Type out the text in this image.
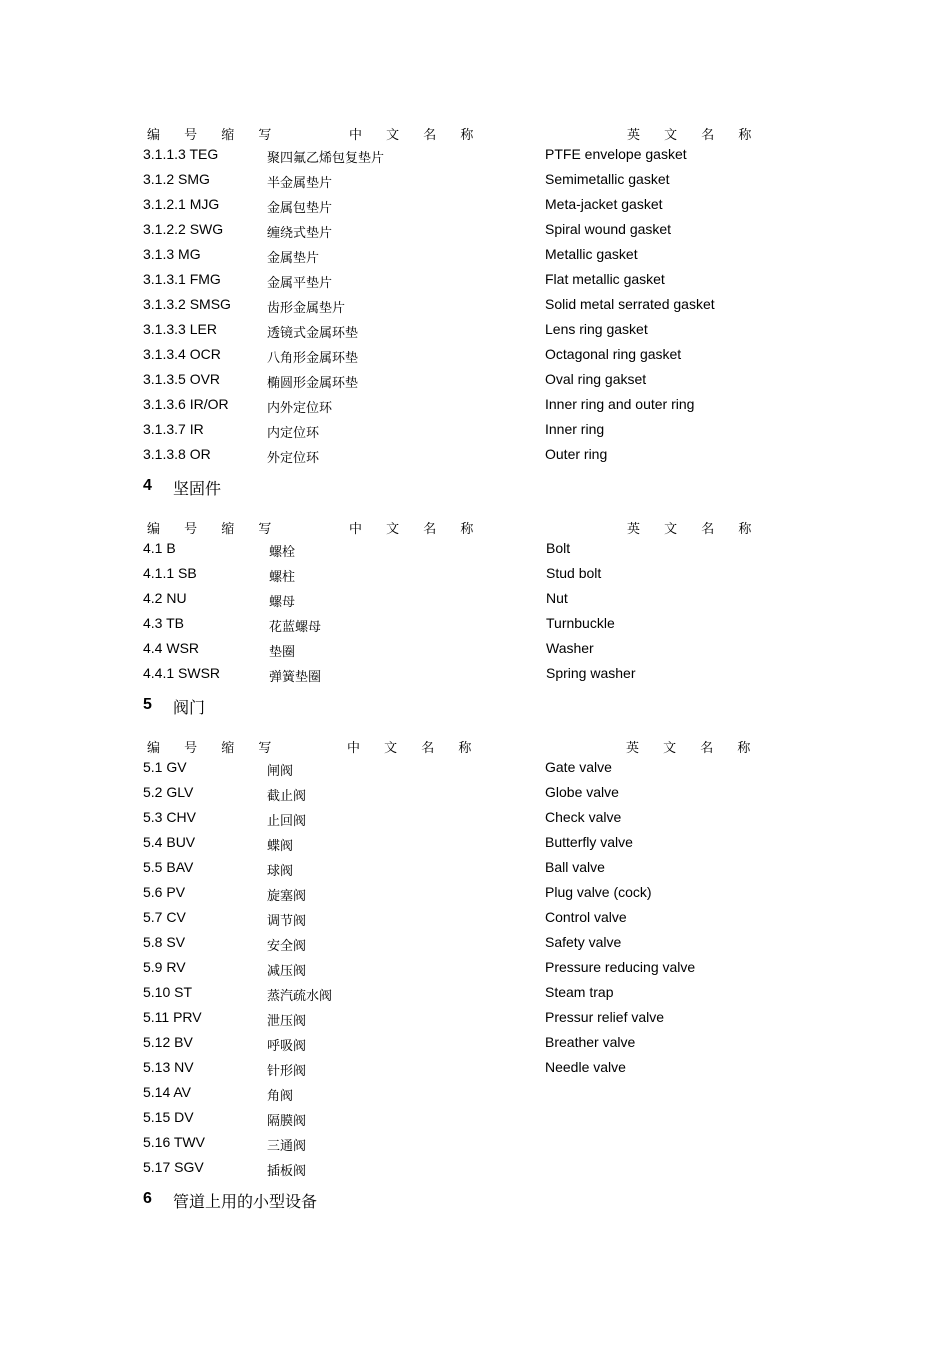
编 号 缩 写	中 文 名 称	英 文 名 称
3.1.1.3 TEG	聚四氟乙烯包复垫片	PTFE envelope gasket
3.1.2 SMG	半金属垫片	Semimetallic gasket
3.1.2.1 MJG	金属包垫片	Meta-jacket gasket
3.1.2.2 SWG	缠绕式垫片	Spiral wound gasket
3.1.3 MG	金属垫片	Metallic gasket
3.1.3.1 FMG	金属平垫片	Flat metallic gasket
3.1.3.2 SMSG	齿形金属垫片	Solid metal serrated gasket
3.1.3.3 LER	透镜式金属环垫	Lens ring gasket
3.1.3.4 OCR	八角形金属环垫	Octagonal ring gasket
3.1.3.5 OVR	椭圆形金属环垫	Oval ring gakset
3.1.3.6 IR/OR	内外定位环	Inner ring and outer ring
3.1.3.7 IR	内定位环	Inner ring
3.1.3.8 OR	外定位环	Outer ring
4 坚固件
编 号 缩 写	中 文 名 称	英 文 名 称
4.1 B	螺栓	Bolt
4.1.1 SB	螺柱	Stud bolt
4.2 NU	螺母	Nut
4.3 TB	花蓝螺母	Turnbuckle
4.4 WSR	垫圈	Washer
4.4.1 SWSR	弹簧垫圈	Spring washer
5 阀门
编 号 缩 写	中 文 名 称	英 文 名 称
5.1 GV	闸阀	Gate valve
5.2 GLV	截止阀	Globe valve
5.3 CHV	止回阀	Check valve
5.4 BUV	蝶阀	Butterfly valve
5.5 BAV	球阀	Ball valve
5.6 PV	旋塞阀	Plug valve (cock)
5.7 CV	调节阀	Control valve
5.8 SV	安全阀	Safety valve
5.9 RV	减压阀	Pressure reducing valve
5.10 ST	蒸汽疏水阀	Steam trap
5.11 PRV	泄压阀	Pressur relief valve
5.12 BV	呼吸阀	Breather valve
5.13 NV	针形阀	Needle valve
5.14 AV	角阀
5.15 DV	隔膜阀
5.16 TWV	三通阀
5.17 SGV	插板阀
6 管道上用的小型设备
